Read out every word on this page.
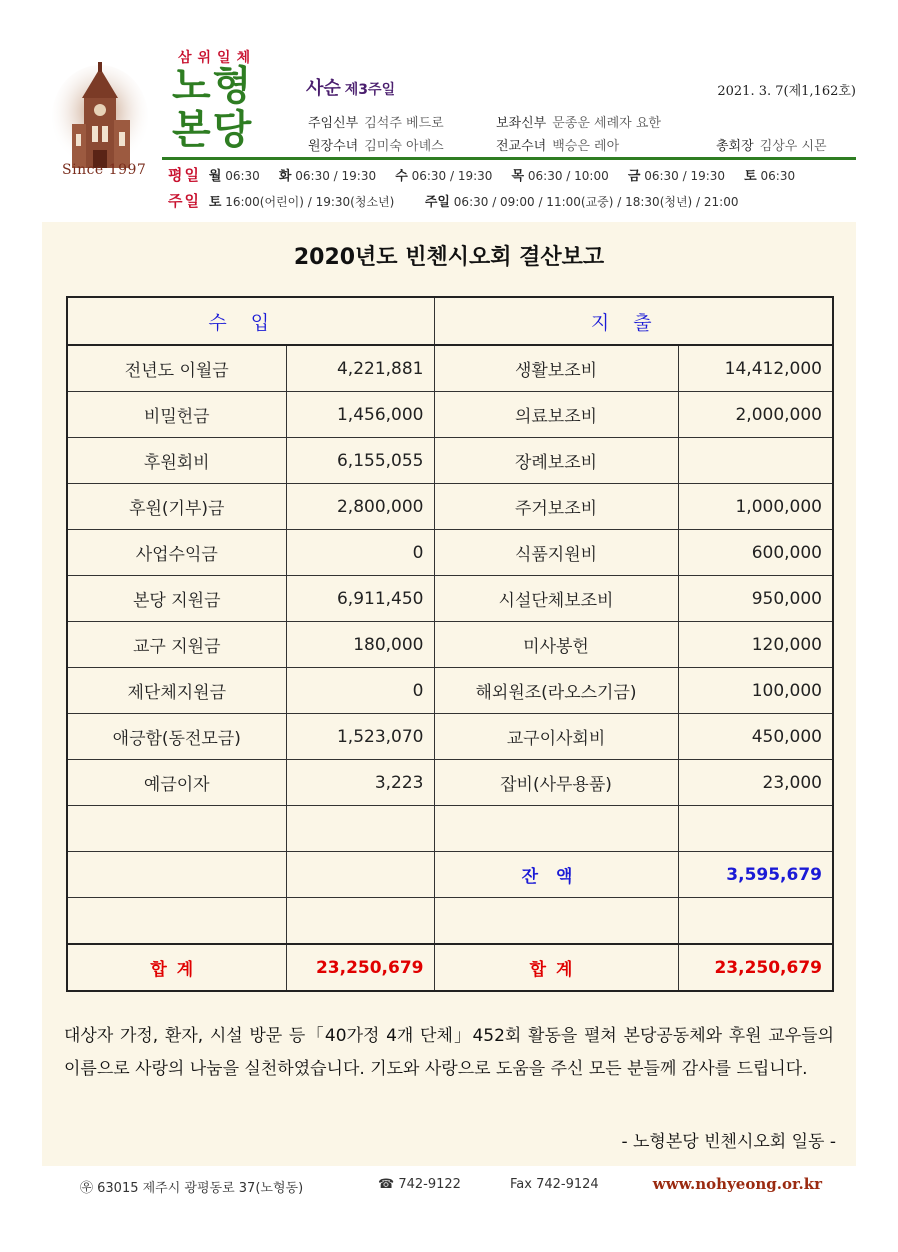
Since 1997
삼위일체
노형
본당
사순 제3주일	2021. 3. 7(제1,162호)
주임신부 김석주 베드로	보좌신부 문종운 세례자 요한
원장수녀 김미숙 아녜스	전교수녀 백승은 레아	총회장 김상우 시몬
평일 월 06:30 화 06:30 / 19:30 수 06:30 / 19:30 목 06:30 / 10:00 금 06:30 / 19:30 토 06:30
주일 토 16:00(어린이) / 19:30(청소년) 주일 06:30 / 09:00 / 11:00(교중) / 18:30(청년) / 21:00
2020년도 빈첸시오회 결산보고
수입		지출	
전년도 이월금	4,221,881	생활보조비	14,412,000
비밀헌금	1,456,000	의료보조비	2,000,000
후원회비	6,155,055	장례보조비	
후원(기부)금	2,800,000	주거보조비	1,000,000
사업수익금	0	식품지원비	600,000
본당 지원금	6,911,450	시설단체보조비	950,000
교구 지원금	180,000	미사봉헌	120,000
제단체지원금	0	해외원조(라오스기금)	100,000
애긍함(동전모금)	1,523,070	교구이사회비	450,000
예금이자	3,223	잡비(사무용품)	23,000

		잔액	3,595,679

합계	23,250,679	합계	23,250,679
대상자 가정, 환자, 시설 방문 등「40가정 4개 단체」452회 활동을 펼쳐 본당공동체와 후원 교우들의 이름으로 사랑의 나눔을 실천하였습니다. 기도와 사랑으로 도움을 주신 모든 분들께 감사를 드립니다.
- 노형본당 빈첸시오회 일동 -
㉾ 63015 제주시 광평동로 37(노형동)	☎ 742-9122	Fax 742-9124	www.nohyeong.or.kr
